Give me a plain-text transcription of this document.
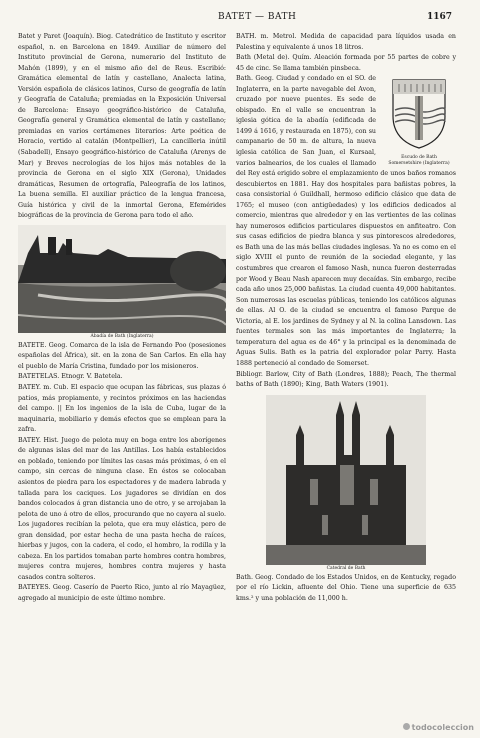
BATET — BATH	1167

Batet y Paret (Joaquín). Biog. Catedrático de Instituto y escritor español, n. en Barcelona en 1849. Auxiliar de número del Instituto provincial de Gerona, numerario del Instituto de Mahón (1899), y en el mismo año del de Reus. Escribió: Gramática elemental de latín y castellano, Analecta latina, Versión española de clásicos latinos, Curso de geografía de latín y Geografía de Cataluña; premiadas en la Exposición Universal de Barcelona: Ensayo geográfico-histórico de Cataluña, Geografía general y Gramática elemental de latín y castellano; premiadas en varios certámenes literarios: Arte poética de Horacio, vertido al catalán (Montpellier), La cancilleria inútil (Sabadell), Ensayo geográfico-histórico de Cataluña (Arenys de Mar) y Breves necrologías de los hijos más notables de la provincia de Gerona en el siglo XIX (Gerona), Unidades dramáticas, Resumen de ortografía, Paleografía de los latinos, La buena semilla. El auxiliar práctico de la lengua francesa, Guía histórica y civil de la inmortal Gerona, Efemérides biográficas de la provincia de Gerona para todo el año.

Abadía de Bath (Inglaterra)

BATETE. Geog. Comarca de la isla de Fernando Poo (posesiones españolas del África), sit. en la zona de San Carlos. En ella hay el pueblo de María Cristina, fundado por los misioneros.

BATETELAS. Etnogr. V. Batetela.

BATEY. m. Cub. El espacio que ocupan las fábricas, sus plazas ó patios, más propiamente, y recintos próximos en las haciendas del campo. || En los ingenios de la isla de Cuba, lugar de la maquinaria, mobiliario y demás efectos que se emplean para la zafra.

BATEY. Hist. Juego de pelota muy en boga entre los aborígenes de algunas islas del mar de las Antillas. Los había establecidos en poblado, teniendo por límites las casas más próximas, ó en el campo, sin cercas de ninguna clase. En éstos se colocaban asientos de piedra para los espectadores y de madera labrada y tallada para los caciques. Los jugadores se dividían en dos bandos colocados á gran distancia uno de otro, y se arrojaban la pelota de uno á otro de ellos, procurando que no cayera al suelo. Los jugadores recibían la pelota, que era muy elástica, pero de gran densidad, por estar hecha de una pasta hecha de raíces, hierbas y jugos, con la cadera, el codo, el hombro, la rodilla y la cabeza. En los partidos tomaban parte hombres contra hombres, mujeres contra mujeres, hombres contra mujeres y hasta casados contra solteros.

BATEYES. Geog. Caserío de Puerto Rico, junto al río Mayagüez, agregado al municipio de este último nombre.

BATH. m. Metrol. Medida de capacidad para líquidos usada en Palestina y equivalente á unos 18 litros.

Bath (Metal de). Quím. Aleación formada por 55 partes de cobre y 45 de cinc. Se llama también pinsbeca.

Escudo de Bath

Somersetshire (Inglaterra)

Bath. Geog. Ciudad y condado en el SO. de Inglaterra, en la parte navegable del Avon, cruzado por nueve puentes. Es sede de obispado. En el valle se encuentran la iglesia gótica de la abadía (edificada de 1499 á 1616, y restaurada en 1875), con su campanario de 50 m. de altura, la nueva iglesia católica de San Juan, el Kursaal, varios balnearios, de los cuales el llamado del Rey está erigido sobre el emplazamiento de unos baños romanos descubiertos en 1881. Hay dos hospitales para bañistas pobres, la casa consistorial ó Guildhall, hermoso edificio clásico que data de 1765; el museo (con antigüedades) y los edificios dedicados al comercio, mientras que alrededor y en las vertientes de las colinas hay numerosos edificios particulares dispuestos en anfiteatro. Con sus casas edificios de piedra blanca y sus pintorescos alrededores, es Bath una de las más bellas ciudades inglesas. Ya no es como en el siglo XVIII el punto de reunión de la sociedad elegante, y las costumbres que crearon el famoso Nash, nunca fueron desterradas por Wood y Beau Nash aparecen muy decaídas. Sin embargo, recibe cada año unos 25,000 bañistas. La ciudad cuenta 49,000 habitantes. Son numerosas las escuelas públicas, teniendo los católicos algunas de ellas. Al O. de la ciudad se encuentra el famoso Parque de Victoria, al E. los jardines de Sydney y al N. la colina Lansdown. Las fuentes termales son las más importantes de Inglaterra; la temperatura del agua es de 46° y la principal es la denominada de Aguas Sulis. Bath es la patria del explorador polar Parry. Hasta 1888 perteneció al condado de Somerset.

Bibliogr. Barlow, City of Bath (Londres, 1888); Peach, The thermal baths of Bath (1890); King, Bath Waters (1901).

Catedral de Bath

Bath. Geog. Condado de los Estados Unidos, en de Kentucky, regado por el río Lickin, afluente del Ohio. Tiene una superficie de 635 kms.² y una población de 11,000 h.

todocoleccion
